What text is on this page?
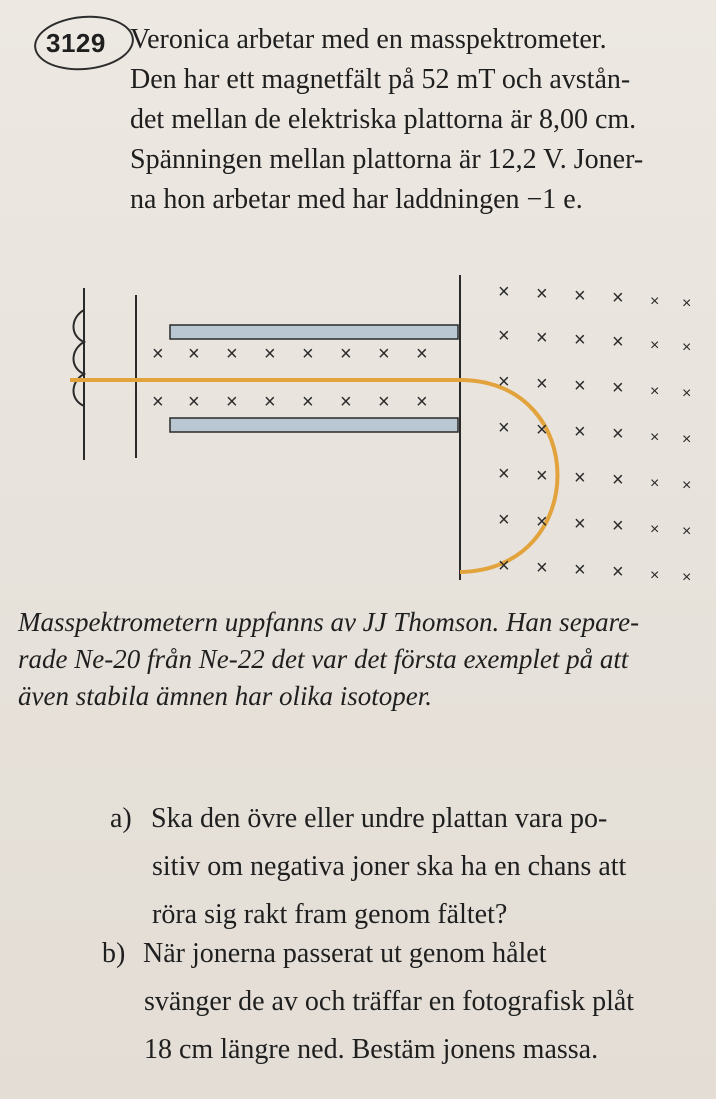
3129 Veronica arbetar med en masspektrometer.
Den har ett magnetfält på 52 mT och avstån-
det mellan de elektriska plattorna är 8,00 cm.
Spänningen mellan plattorna är 12,2 V. Joner-
na hon arbetar med har laddningen −1 e.
× × × × × × × ×
× × × × × × × ×
× × × × × ×
× × × × × ×
× × × × × ×
× × × × × ×
× × × × × ×
× × × × × ×
× × × × × ×
Masspektrometern uppfanns av JJ Thomson. Han separe-
rade Ne-20 från Ne-22 det var det första exemplet på att
även stabila ämnen har olika isotoper.
a) Ska den övre eller undre plattan vara po-
sitiv om negativa joner ska ha en chans att
röra sig rakt fram genom fältet?
b) När jonerna passerat ut genom hålet
svänger de av och träffar en fotografisk plåt
18 cm längre ned. Bestäm jonens massa.
